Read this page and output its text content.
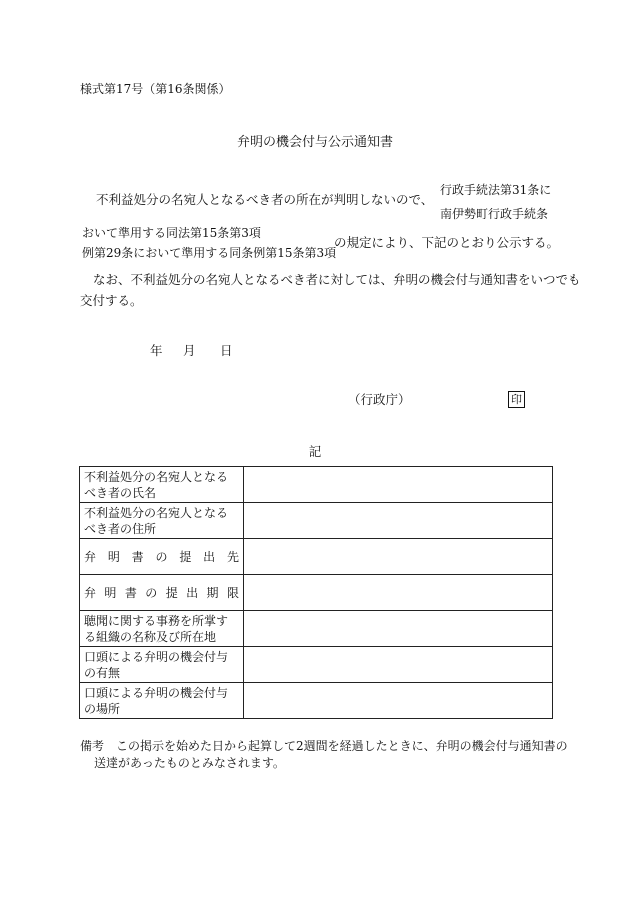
様式第17号（第16条関係）
弁明の機会付与公示通知書
不利益処分の名宛人となるべき者の所在が判明しないので、
行政手続法第31条に
南伊勢町行政手続条
おいて準用する同法第15条第3項
例第29条において準用する同条例第15条第3項
の規定により、下記のとおり公示する。
なお、不利益処分の名宛人となるべき者に対しては、弁明の機会付与通知書をいつでも
交付する。
年 月 日
（行政庁）	印
記
不利益処分の名宛人となるべき者の氏名	
不利益処分の名宛人となるべき者の住所	
弁明書の提出先	
弁明書の提出期限	
聴聞に関する事務を所掌する組織の名称及び所在地	
口頭による弁明の機会付与の有無	
口頭による弁明の機会付与の場所	
備考 この掲示を始めた日から起算して2週間を経過したときに、弁明の機会付与通知書の
送達があったものとみなされます。
